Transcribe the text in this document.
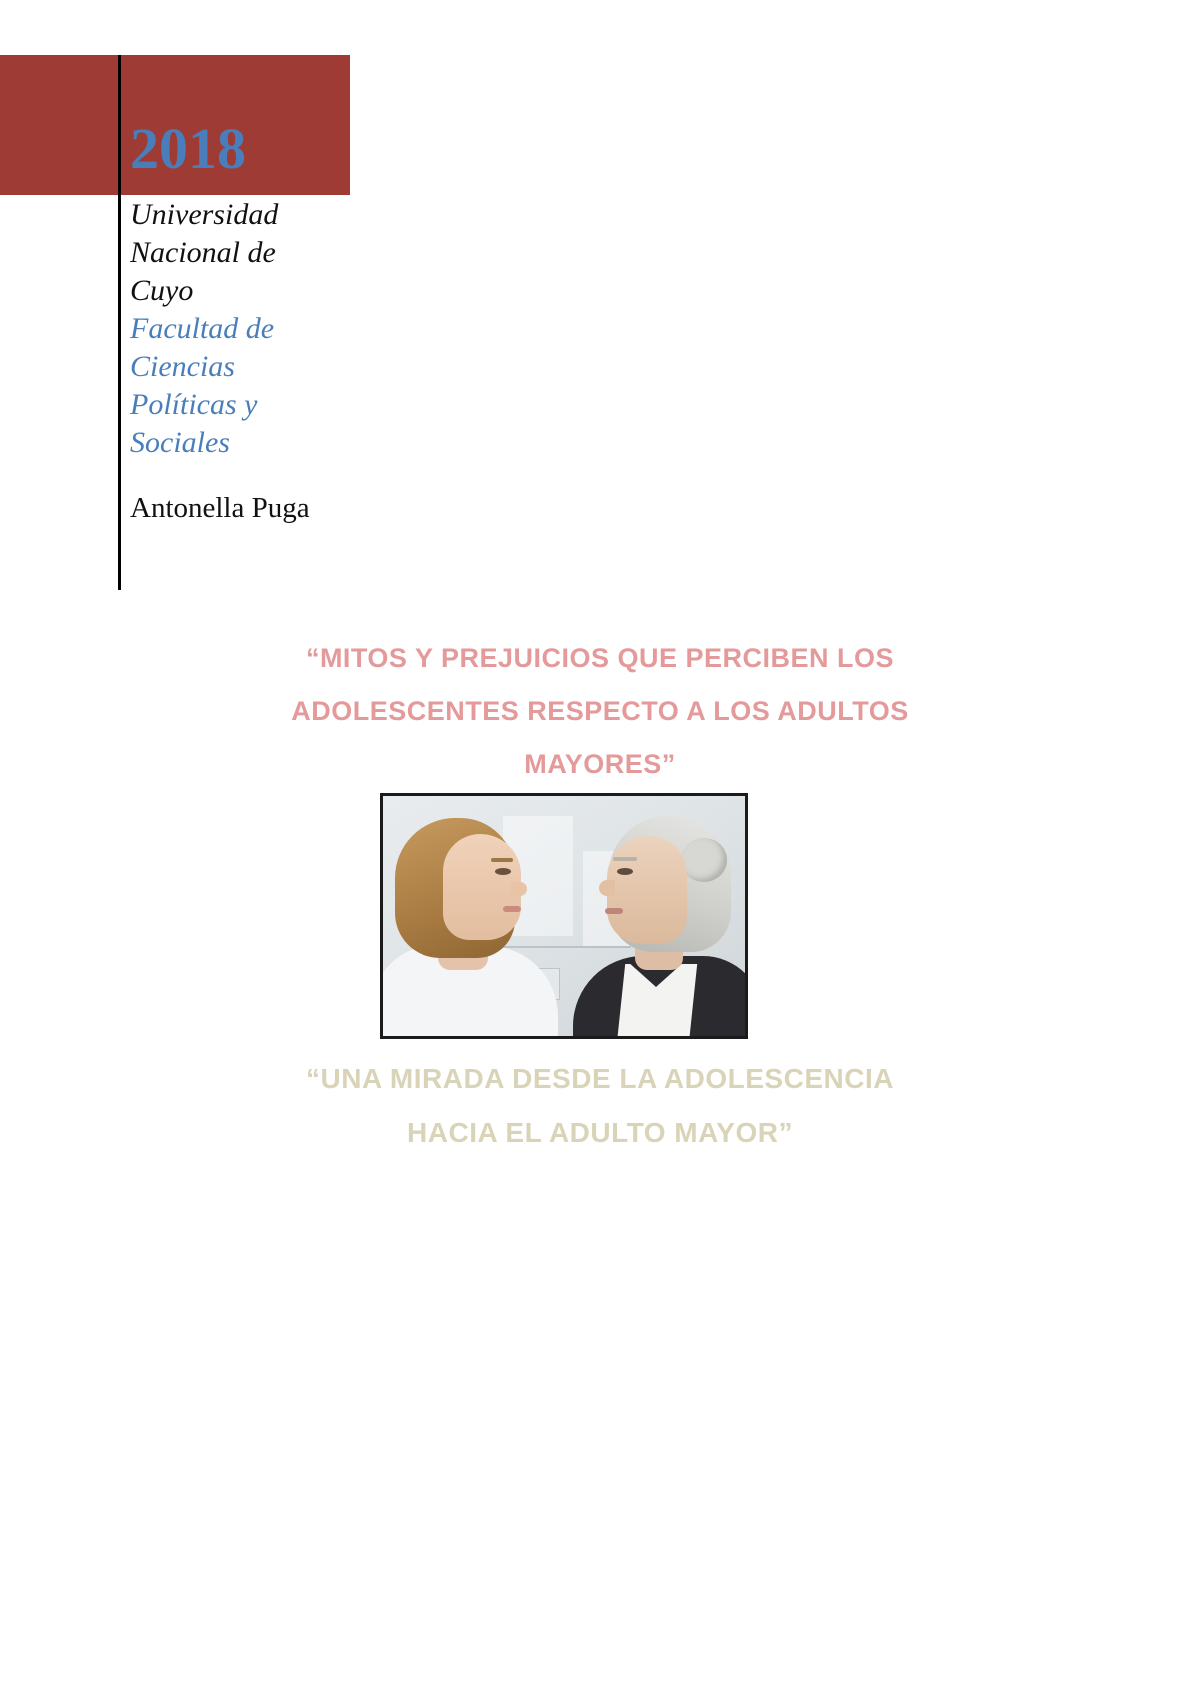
2018
Universidad
Nacional de
Cuyo
Facultad de
Ciencias
Políticas y
Sociales
Antonella Puga
“MITOS Y PREJUICIOS QUE PERCIBEN LOS
ADOLESCENTES RESPECTO A LOS ADULTOS
MAYORES”
“UNA MIRADA DESDE LA ADOLESCENCIA
HACIA EL ADULTO MAYOR”
